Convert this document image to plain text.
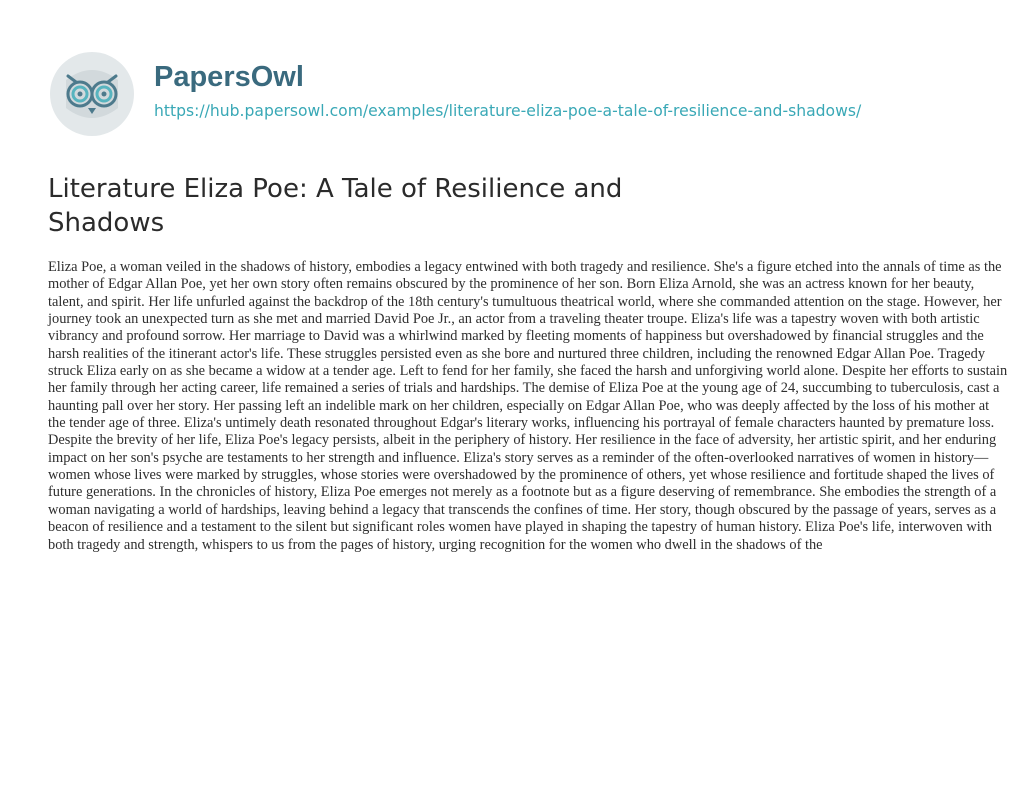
PapersOwl
https://hub.papersowl.com/examples/literature-eliza-poe-a-tale-of-resilience-and-shadows/
Literature Eliza Poe: A Tale of Resilience and Shadows

Eliza Poe, a woman veiled in the shadows of history, embodies a legacy entwined with both tragedy and resilience. She's a figure etched into the annals of time as the mother of Edgar Allan Poe, yet her own story often remains obscured by the prominence of her son. Born Eliza Arnold, she was an actress known for her beauty, talent, and spirit. Her life unfurled against the backdrop of the 18th century's tumultuous theatrical world, where she commanded attention on the stage. However, her journey took an unexpected turn as she met and married David Poe Jr., an actor from a traveling theater troupe. Eliza's life was a tapestry woven with both artistic vibrancy and profound sorrow. Her marriage to David was a whirlwind marked by fleeting moments of happiness but overshadowed by financial struggles and the harsh realities of the itinerant actor's life. These struggles persisted even as she bore and nurtured three children, including the renowned Edgar Allan Poe. Tragedy struck Eliza early on as she became a widow at a tender age. Left to fend for her family, she faced the harsh and unforgiving world alone. Despite her efforts to sustain her family through her acting career, life remained a series of trials and hardships. The demise of Eliza Poe at the young age of 24, succumbing to tuberculosis, cast a haunting pall over her story. Her passing left an indelible mark on her children, especially on Edgar Allan Poe, who was deeply affected by the loss of his mother at the tender age of three. Eliza's untimely death resonated throughout Edgar's literary works, influencing his portrayal of female characters haunted by premature loss. Despite the brevity of her life, Eliza Poe's legacy persists, albeit in the periphery of history. Her resilience in the face of adversity, her artistic spirit, and her enduring impact on her son's psyche are testaments to her strength and influence. Eliza's story serves as a reminder of the often-overlooked narratives of women in history—women whose lives were marked by struggles, whose stories were overshadowed by the prominence of others, yet whose resilience and fortitude shaped the lives of future generations. In the chronicles of history, Eliza Poe emerges not merely as a footnote but as a figure deserving of remembrance. She embodies the strength of a woman navigating a world of hardships, leaving behind a legacy that transcends the confines of time. Her story, though obscured by the passage of years, serves as a beacon of resilience and a testament to the silent but significant roles women have played in shaping the tapestry of human history. Eliza Poe's life, interwoven with both tragedy and strength, whispers to us from the pages of history, urging recognition for the women who dwell in the shadows of the
